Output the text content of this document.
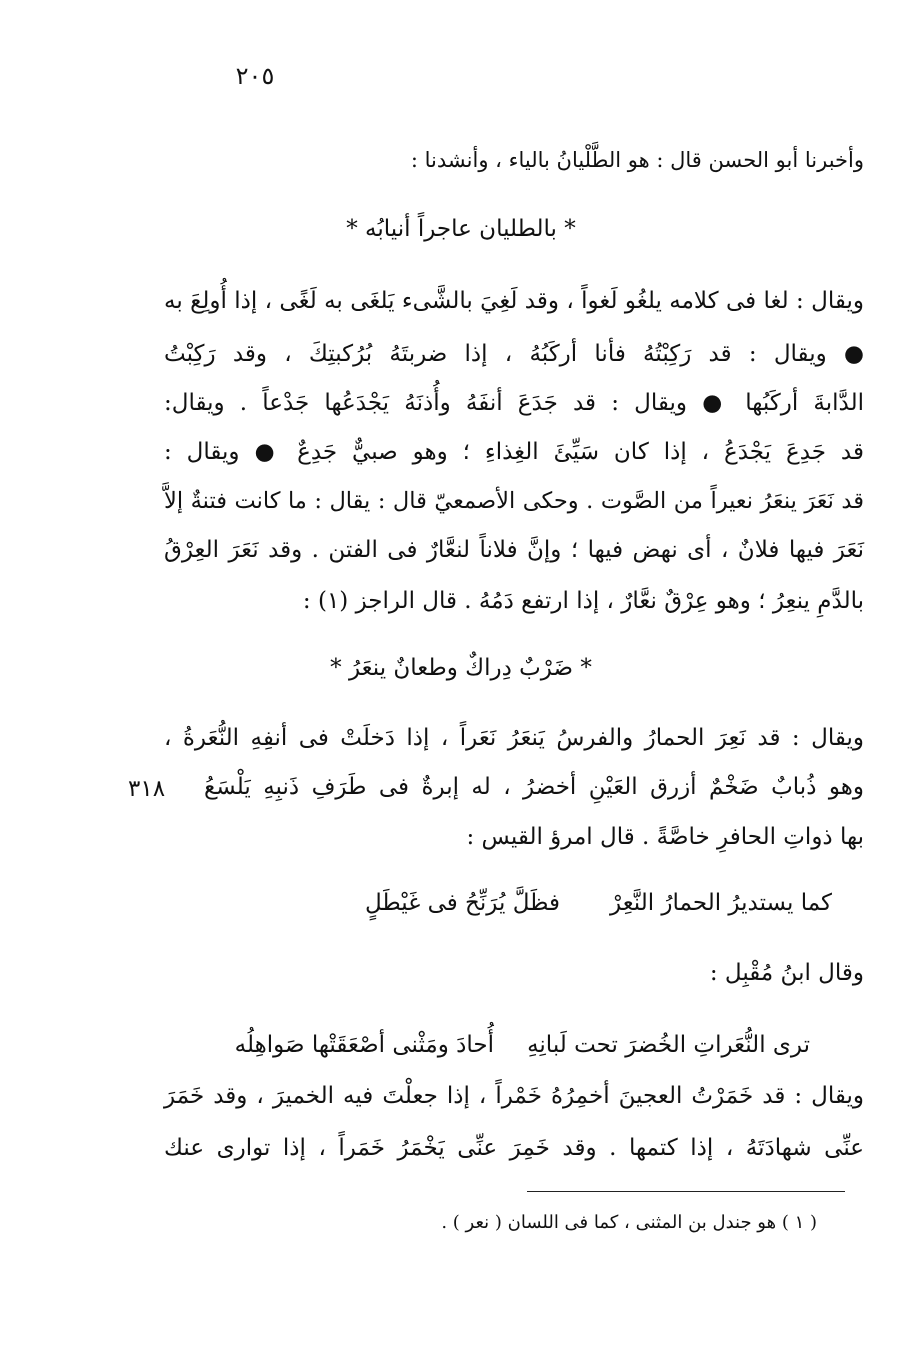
٢٠٥
وأخبرنا أبو الحسن قال : هو الطَّلْيانُ بالياء ، وأنشدنا :
* بالطليان عاجراً أنيابُه *
ويقال : لغا فى كلامه يلغُو لَغواً ، وقد لَغِيَ بالشَّىء يَلغَى به لَغًى ، إذا أُولِعَ به
● ويقال : قد رَكِبْتُهُ فأنا أركَبُهُ ، إذا ضربتَهُ بُرُكبتِكَ ، وقد رَكِبْتُ
الدَّابةَ أركَبُها ● ويقال : قد جَدَعَ أنفَهُ وأُذنَهُ يَجْدَعُها جَدْعاً . ويقال:
قد جَدِعَ يَجْدَعُ ، إذا كان سَيِّئَ الغِذاءِ ؛ وهو صبيٌّ جَدِعٌ ● ويقال :
قد نَعَرَ ينعَرُ نعيراً من الصَّوت . وحكى الأصمعيّ قال : يقال : ما كانت فتنةٌ إلاَّ
نَعَرَ فيها فلانٌ ، أى نهض فيها ؛ وإنَّ فلاناً لنعَّارٌ فى الفتن . وقد نَعَرَ العِرْقُ
بالدَّمِ ينعِرُ ؛ وهو عِرْقٌ نعَّارٌ ، إذا ارتفع دَمُهُ . قال الراجز (١) :
* ضَرْبٌ دِراكٌ وطعانٌ ينعَرُ *
ويقال : قد نَعِرَ الحمارُ والفرسُ يَنعَرُ نَعَراً ، إذا دَخلَتْ فى أنفِهِ النُّعَرةُ ،
وهو ذُبابٌ ضَخْمٌ أزرق العَيْنِ أخضرُ ، له إبرةٌ فى طَرَفِ ذَنبِهِ يَلْسَعُ
٣١٨
بها ذواتِ الحافرِ خاصَّةً . قال امرؤ القيس :
فظَلَّ يُرَنِّحُ فى غَيْطَلٍ كما يستديرُ الحمارُ النَّعِرْ
وقال ابنُ مُقْبِل :
ترى النُّعَراتِ الخُضرَ تحت لَبانِهِ
أُحادَ ومَثْنى أصْعَقَتْها صَواهِلُه
ويقال : قد خَمَرْتُ العجينَ أخمِرُهُ خَمْراً ، إذا جعلْتَ فيه الخميرَ ، وقد خَمَرَ
عنِّى شهادَتَهُ ، إذا كتمها . وقد خَمِرَ عنِّى يَخْمَرُ خَمَراً ، إذا توارى عنك
( ١ ) هو جندل بن المثنى ، كما فى اللسان ( نعر ) .
